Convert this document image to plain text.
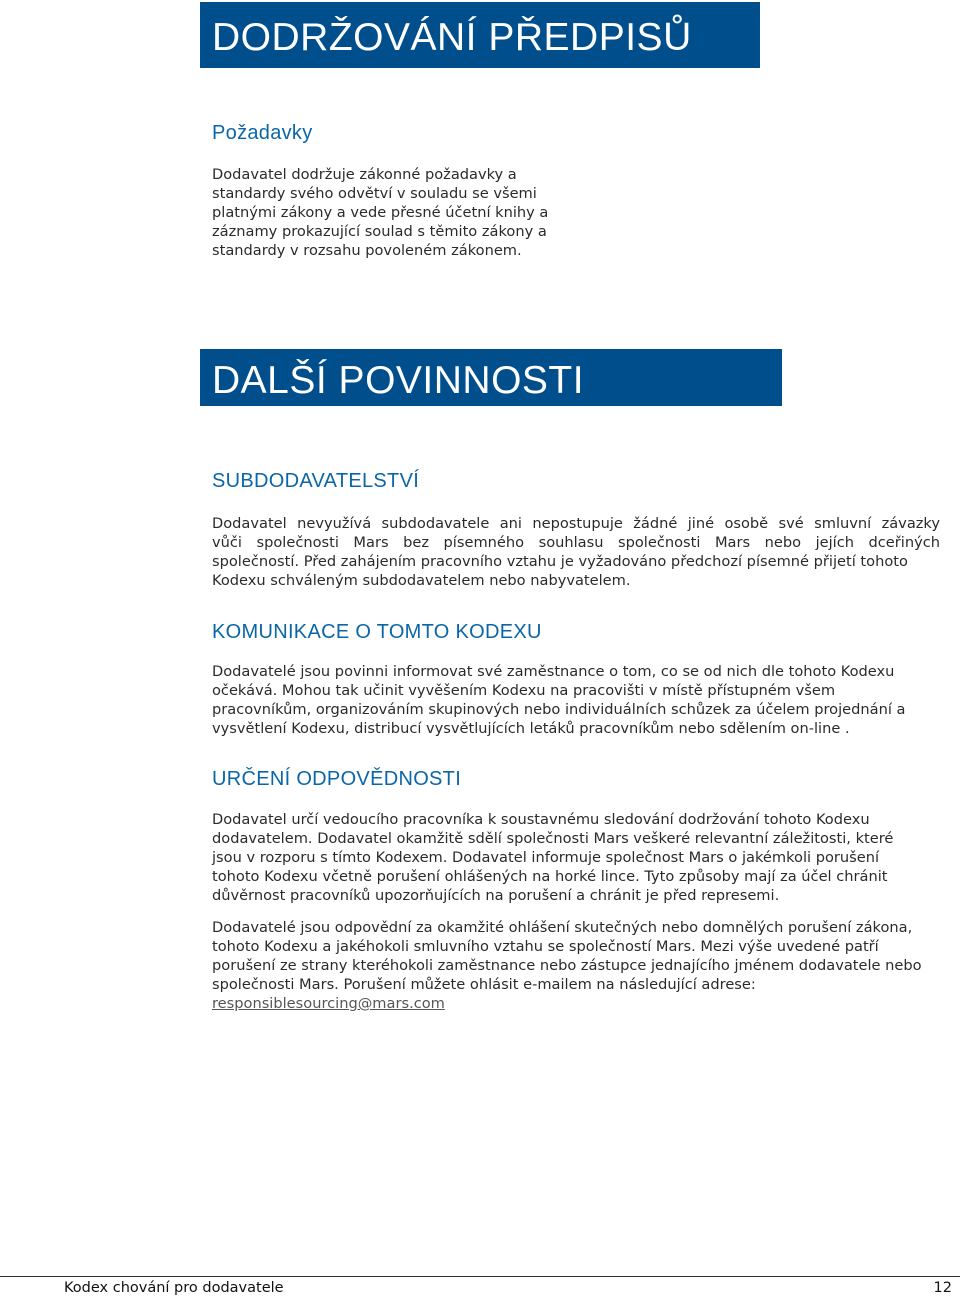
DODRŽOVÁNÍ PŘEDPISŮ
Požadavky
Dodavatel dodržuje zákonné požadavky a
standardy svého odvětví v souladu se všemi
platnými zákony a vede přesné účetní knihy a
záznamy prokazující soulad s těmito zákony a
standardy v rozsahu povoleném zákonem.
DALŠÍ POVINNOSTI
SUBDODAVATELSTVÍ
Dodavatel nevyužívá subdodavatele ani nepostupuje žádné jiné osobě své smluvní závazky
vůči společnosti Mars bez písemného souhlasu společnosti Mars nebo jejích dceřiných
společností. Před zahájením pracovního vztahu je vyžadováno předchozí písemné přijetí tohoto
Kodexu schváleným subdodavatelem nebo nabyvatelem.
KOMUNIKACE O TOMTO KODEXU
Dodavatelé jsou povinni informovat své zaměstnance o tom, co se od nich dle tohoto Kodexu
očekává. Mohou tak učinit vyvěšením Kodexu na pracovišti v místě přístupném všem
pracovníkům, organizováním skupinových nebo individuálních schůzek za účelem projednání a
vysvětlení Kodexu, distribucí vysvětlujících letáků pracovníkům nebo sdělením on-line .
URČENÍ ODPOVĚDNOSTI
Dodavatel určí vedoucího pracovníka k soustavnému sledování dodržování tohoto Kodexu
dodavatelem. Dodavatel okamžitě sdělí společnosti Mars veškeré relevantní záležitosti, které
jsou v rozporu s tímto Kodexem. Dodavatel informuje společnost Mars o jakémkoli porušení
tohoto Kodexu včetně porušení ohlášených na horké lince. Tyto způsoby mají za účel chránit
důvěrnost pracovníků upozorňujících na porušení a chránit je před represemi.
Dodavatelé jsou odpovědní za okamžité ohlášení skutečných nebo domnělých porušení zákona,
tohoto Kodexu a jakéhokoli smluvního vztahu se společností Mars. Mezi výše uvedené patří
porušení ze strany kteréhokoli zaměstnance nebo zástupce jednajícího jménem dodavatele nebo
společnosti Mars. Porušení můžete ohlásit e-mailem na následující adrese:
responsiblesourcing@mars.com
Kodex chování pro dodavatele	12
